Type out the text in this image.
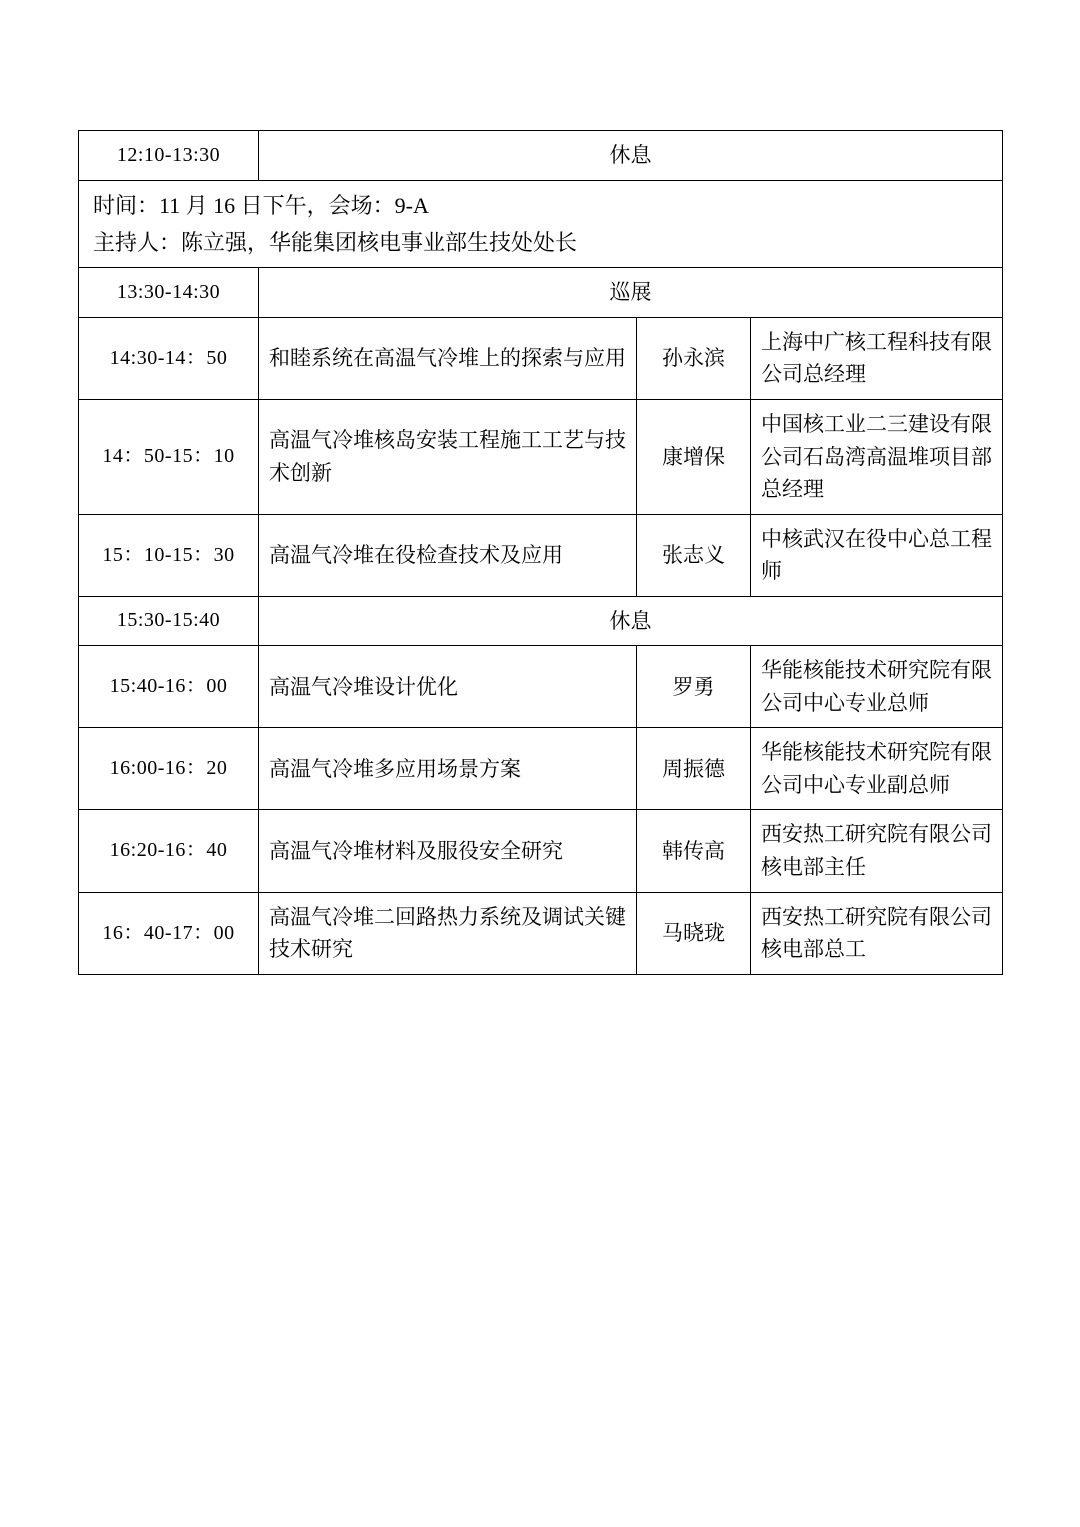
12:10-13:30	休息		

时间：11 月 16 日下午，会场：9-A
主持人：陈立强，华能集团核电事业部生技处处长			

13:30-14:30	巡展		
14:30-14：50	和睦系统在高温气冷堆上的探索与应用	孙永滨	上海中广核工程科技有限公司总经理
14：50-15：10	高温气冷堆核岛安装工程施工工艺与技术创新	康增保	中国核工业二三建设有限公司石岛湾高温堆项目部总经理
15：10-15：30	高温气冷堆在役检查技术及应用	张志义	中核武汉在役中心总工程师
15:30-15:40	休息		
15:40-16：00	高温气冷堆设计优化	罗勇	华能核能技术研究院有限公司中心专业总师
16:00-16：20	高温气冷堆多应用场景方案	周振德	华能核能技术研究院有限公司中心专业副总师
16:20-16：40	高温气冷堆材料及服役安全研究	韩传高	西安热工研究院有限公司核电部主任
16：40-17：00	高温气冷堆二回路热力系统及调试关键技术研究	马晓珑	西安热工研究院有限公司核电部总工
